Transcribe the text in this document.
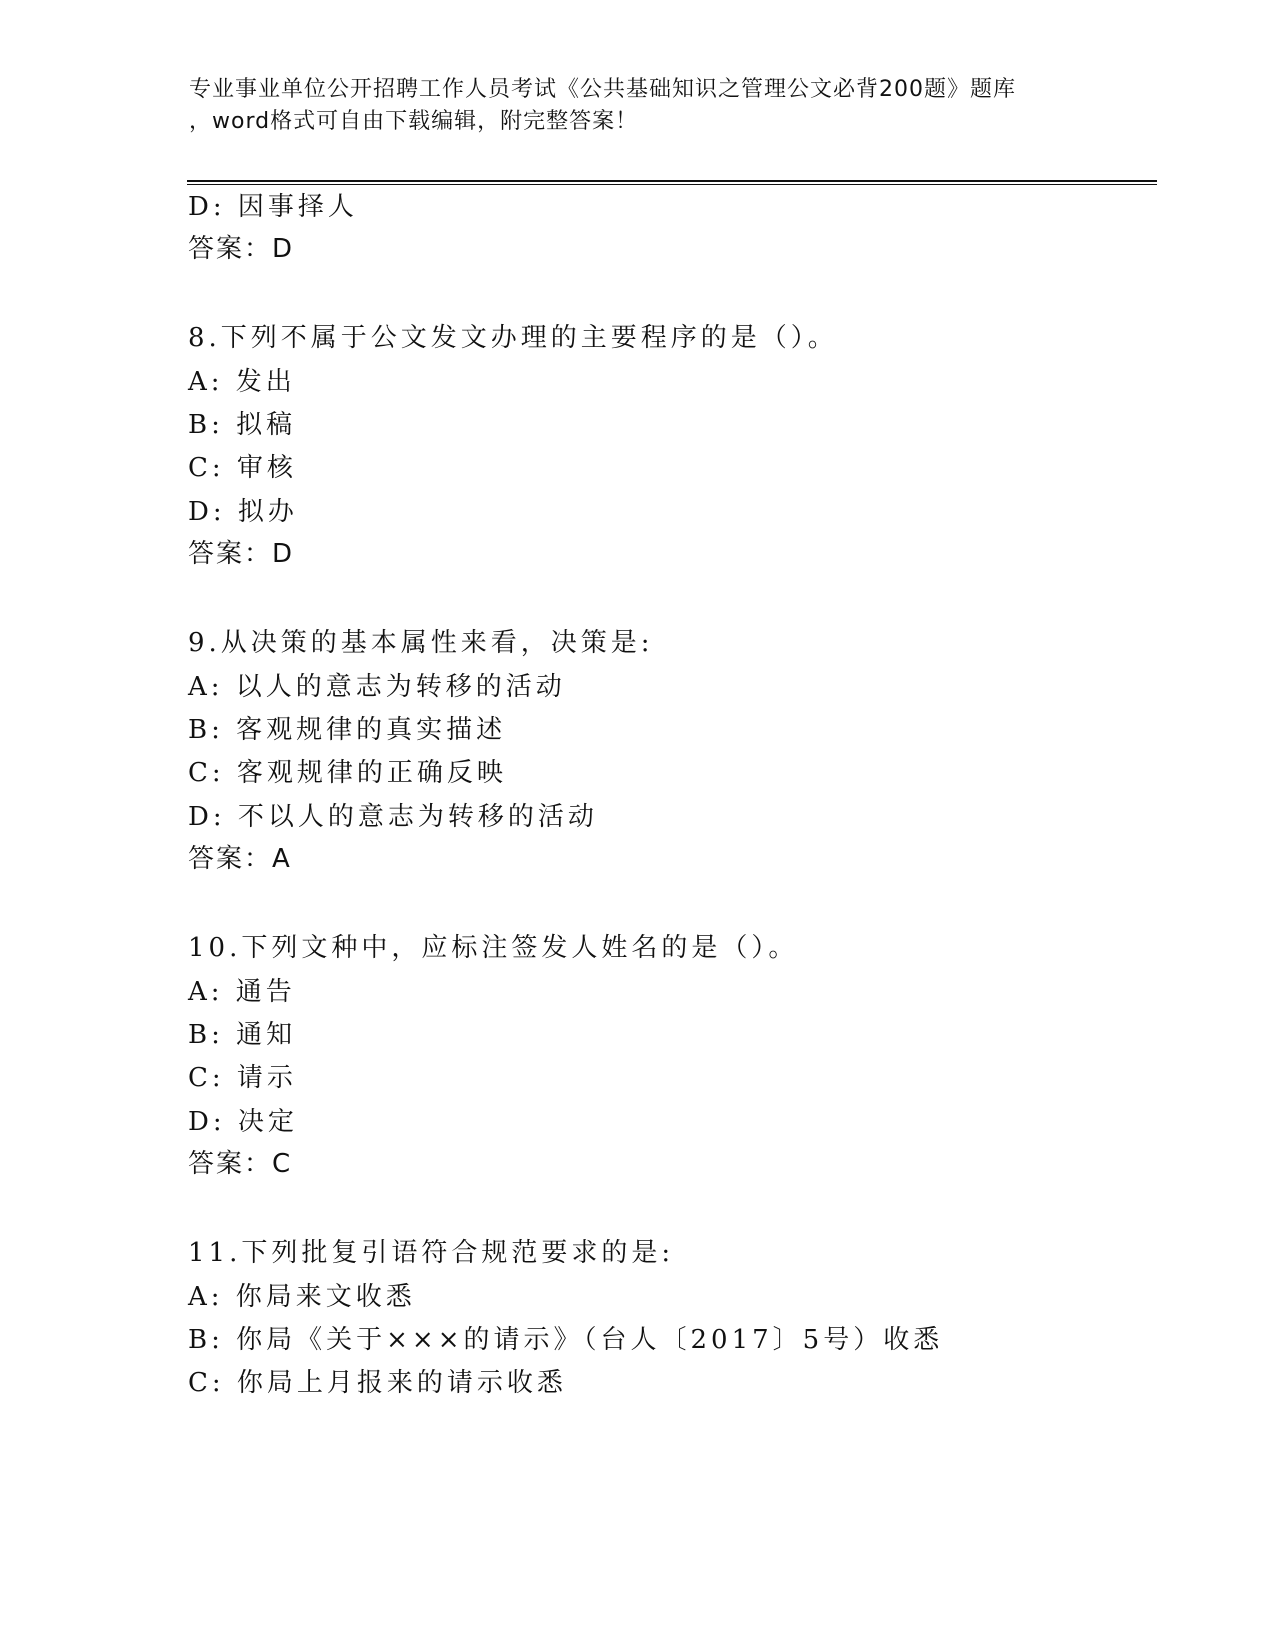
专业事业单位公开招聘工作人员考试《公共基础知识之管理公文必背200题》题库
，word格式可自由下载编辑，附完整答案！
D: 因事择人
答案：D
8.下列不属于公文发文办理的主要程序的是（）。
A: 发出
B: 拟稿
C: 审核
D: 拟办
答案：D
9.从决策的基本属性来看，决策是:
A: 以人的意志为转移的活动
B: 客观规律的真实描述
C: 客观规律的正确反映
D: 不以人的意志为转移的活动
答案：A
10.下列文种中，应标注签发人姓名的是（）。
A: 通告
B: 通知
C: 请示
D: 决定
答案：C
11.下列批复引语符合规范要求的是:
A: 你局来文收悉
B: 你局《关于×××的请示》（台人〔2017〕5号）收悉
C: 你局上月报来的请示收悉
